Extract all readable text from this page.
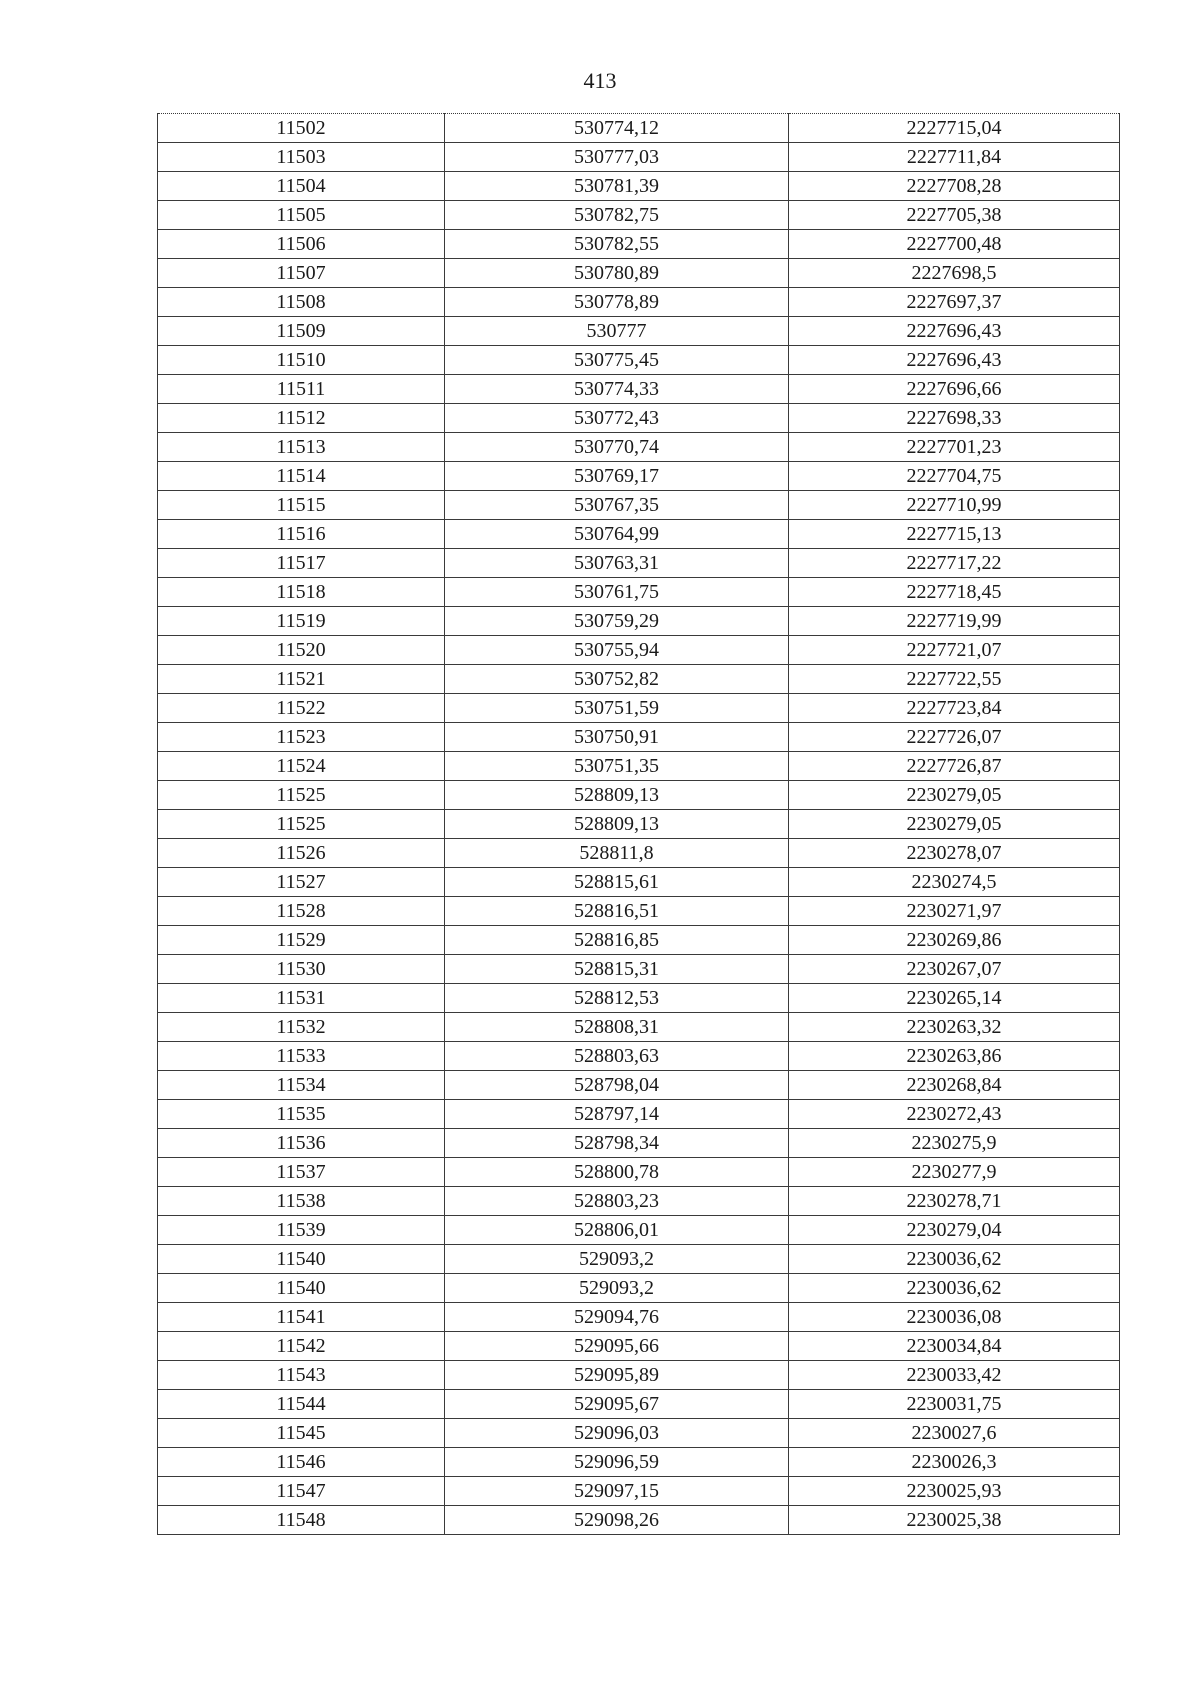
413
11502	530774,12	2227715,04
11503	530777,03	2227711,84
11504	530781,39	2227708,28
11505	530782,75	2227705,38
11506	530782,55	2227700,48
11507	530780,89	2227698,5
11508	530778,89	2227697,37
11509	530777	2227696,43
11510	530775,45	2227696,43
11511	530774,33	2227696,66
11512	530772,43	2227698,33
11513	530770,74	2227701,23
11514	530769,17	2227704,75
11515	530767,35	2227710,99
11516	530764,99	2227715,13
11517	530763,31	2227717,22
11518	530761,75	2227718,45
11519	530759,29	2227719,99
11520	530755,94	2227721,07
11521	530752,82	2227722,55
11522	530751,59	2227723,84
11523	530750,91	2227726,07
11524	530751,35	2227726,87
11525	528809,13	2230279,05
11525	528809,13	2230279,05
11526	528811,8	2230278,07
11527	528815,61	2230274,5
11528	528816,51	2230271,97
11529	528816,85	2230269,86
11530	528815,31	2230267,07
11531	528812,53	2230265,14
11532	528808,31	2230263,32
11533	528803,63	2230263,86
11534	528798,04	2230268,84
11535	528797,14	2230272,43
11536	528798,34	2230275,9
11537	528800,78	2230277,9
11538	528803,23	2230278,71
11539	528806,01	2230279,04
11540	529093,2	2230036,62
11540	529093,2	2230036,62
11541	529094,76	2230036,08
11542	529095,66	2230034,84
11543	529095,89	2230033,42
11544	529095,67	2230031,75
11545	529096,03	2230027,6
11546	529096,59	2230026,3
11547	529097,15	2230025,93
11548	529098,26	2230025,38
